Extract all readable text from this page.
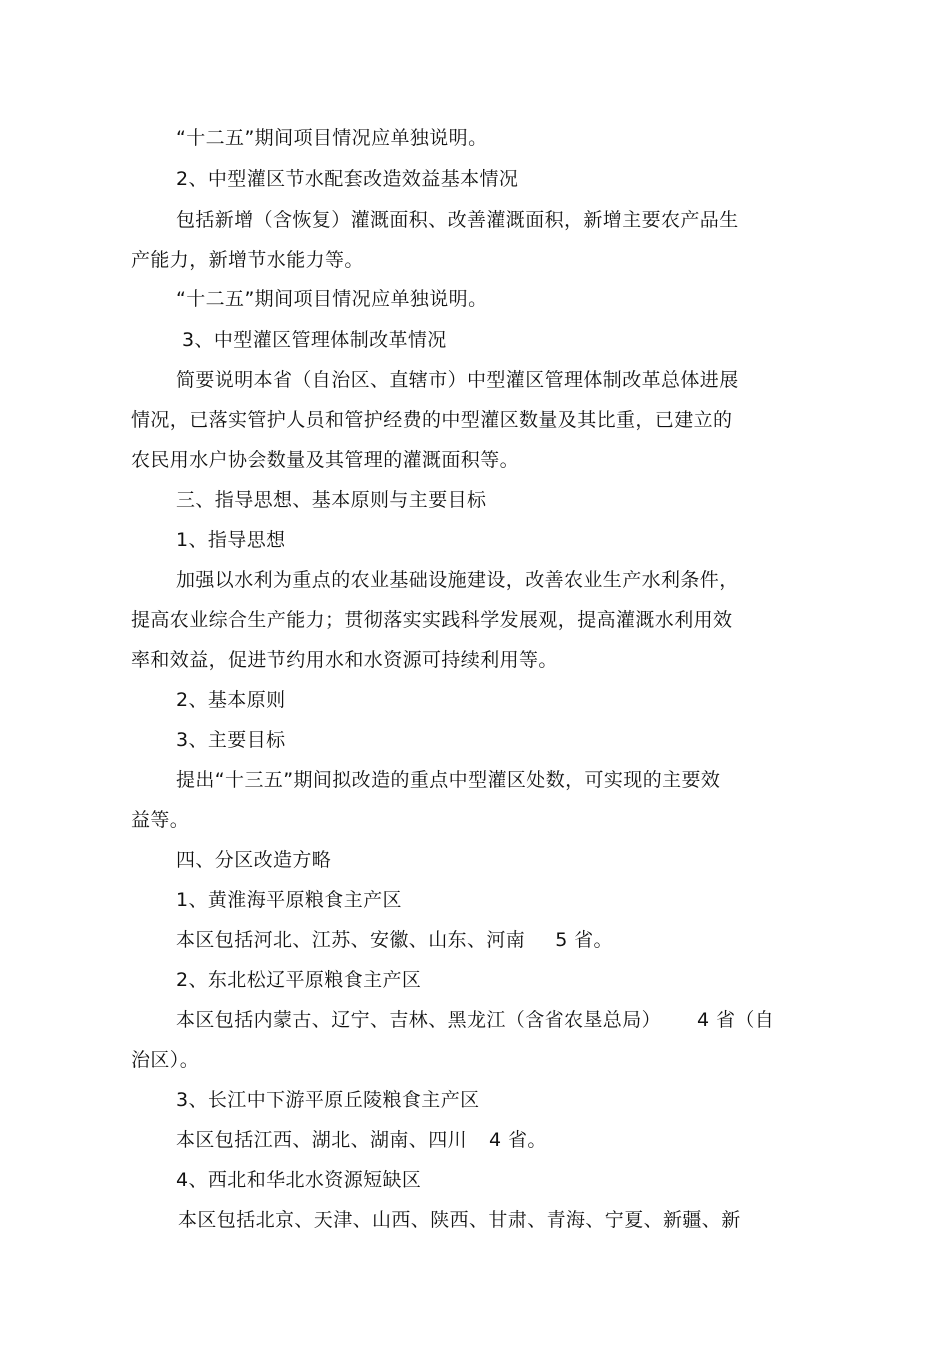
“十二五”期间项目情况应单独说明。
2、中型灌区节水配套改造效益基本情况
包括新增（含恢复）灌溉面积、改善灌溉面积，新增主要农产品生
产能力，新增节水能力等。
“十二五”期间项目情况应单独说明。
3、中型灌区管理体制改革情况
简要说明本省（自治区、直辖市）中型灌区管理体制改革总体进展
情况，已落实管护人员和管护经费的中型灌区数量及其比重，已建立的
农民用水户协会数量及其管理的灌溉面积等。
三、指导思想、基本原则与主要目标
1、指导思想
加强以水利为重点的农业基础设施建设，改善农业生产水利条件，
提高农业综合生产能力；贯彻落实实践科学发展观，提高灌溉水利用效
率和效益，促进节约用水和水资源可持续利用等。
2、基本原则
3、主要目标
提出“十三五”期间拟改造的重点中型灌区处数，可实现的主要效
益等。
四、分区改造方略
1、黄淮海平原粮食主产区
本区包括河北、江苏、安徽、山东、河南 5 省。
2、东北松辽平原粮食主产区
本区包括内蒙古、辽宁、吉林、黑龙江（含省农垦总局） 4 省（自
治区）。
3、长江中下游平原丘陵粮食主产区
本区包括江西、湖北、湖南、四川 4 省。
4、西北和华北水资源短缺区
本区包括北京、天津、山西、陕西、甘肃、青海、宁夏、新疆、新
